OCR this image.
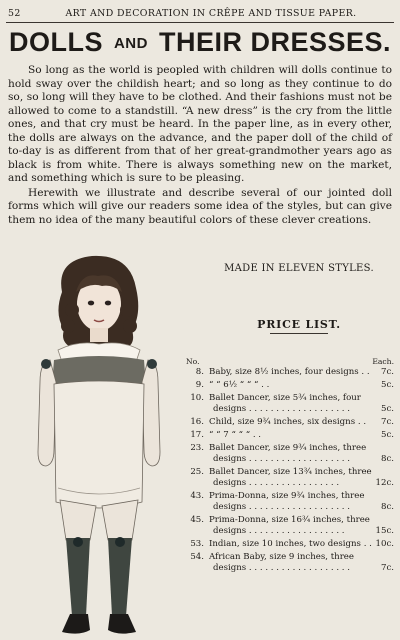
52	ART AND DECORATION IN CRÊPE AND TISSUE PAPER.
DOLLS AND THEIR DRESSES.

So long as the world is peopled with children will dolls continue to hold sway over the childish heart; and so long as they continue to do so, so long will they have to be clothed. And their fashions must not be allowed to come to a standstill. “A new dress” is the cry from the little ones, and that cry must be heard. In the paper line, as in every other, the dolls are always on the advance, and the paper doll of the child of to-day is as different from that of her great-grandmother years ago as black is from white. There is always something new on the market, and something which is sure to be pleasing.

Herewith we illustrate and describe several of our jointed doll forms which will give our readers some idea of the styles, but can give them no idea of the many beautiful colors of these clever creations.

MADE IN ELEVEN STYLES.
PRICE LIST.
No.	Each.
8. Baby, size 8½ inches, four designs . .	7c.
9. “ “ 6½ “ “ “ . .	5c.
10. Ballet Dancer, size 5¾ inches, four designs . . . . . . . . . . . . . . . . . . .	5c.
16. Child, size 9¾ inches, six designs . .	7c.
17. “ “ 7 “ “ “ . .	5c.
23. Ballet Dancer, size 9¾ inches, three designs . . . . . . . . . . . . . . . . . . .	8c.
25. Ballet Dancer, size 13¾ inches, three designs . . . . . . . . . . . . . . . . .	12c.
43. Prima-Donna, size 9¾ inches, three designs . . . . . . . . . . . . . . . . . . .	8c.
45. Prima-Donna, size 16¾ inches, three designs . . . . . . . . . . . . . . . . . .	15c.
53. Indian, size 10 inches, two designs . . 10c.
54. African Baby, size 9 inches, three designs . . . . . . . . . . . . . . . . . . .	7c.
